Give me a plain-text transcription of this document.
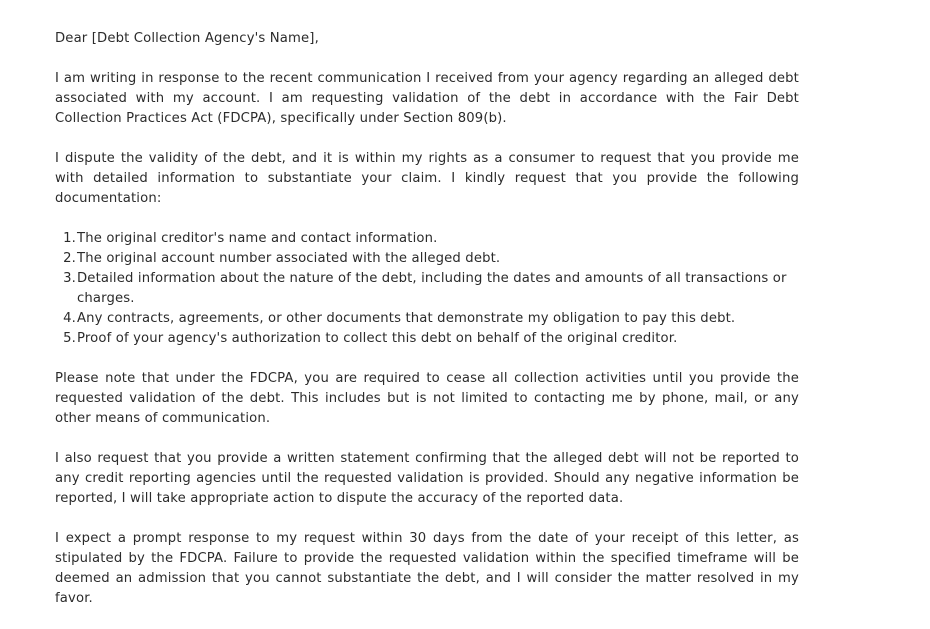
Dear [Debt Collection Agency's Name],

I am writing in response to the recent communication I received from your agency regarding an alleged debt associated with my account. I am requesting validation of the debt in accordance with the Fair Debt Collection Practices Act (FDCPA), specifically under Section 809(b).

I dispute the validity of the debt, and it is within my rights as a consumer to request that you provide me with detailed information to substantiate your claim. I kindly request that you provide the following documentation:

1. The original creditor's name and contact information.
2. The original account number associated with the alleged debt.
3. Detailed information about the nature of the debt, including the dates and amounts of all transactions or charges.
4. Any contracts, agreements, or other documents that demonstrate my obligation to pay this debt.
5. Proof of your agency's authorization to collect this debt on behalf of the original creditor.

Please note that under the FDCPA, you are required to cease all collection activities until you provide the requested validation of the debt. This includes but is not limited to contacting me by phone, mail, or any other means of communication.

I also request that you provide a written statement confirming that the alleged debt will not be reported to any credit reporting agencies until the requested validation is provided. Should any negative information be reported, I will take appropriate action to dispute the accuracy of the reported data.

I expect a prompt response to my request within 30 days from the date of your receipt of this letter, as stipulated by the FDCPA. Failure to provide the requested validation within the specified timeframe will be deemed an admission that you cannot substantiate the debt, and I will consider the matter resolved in my favor.
